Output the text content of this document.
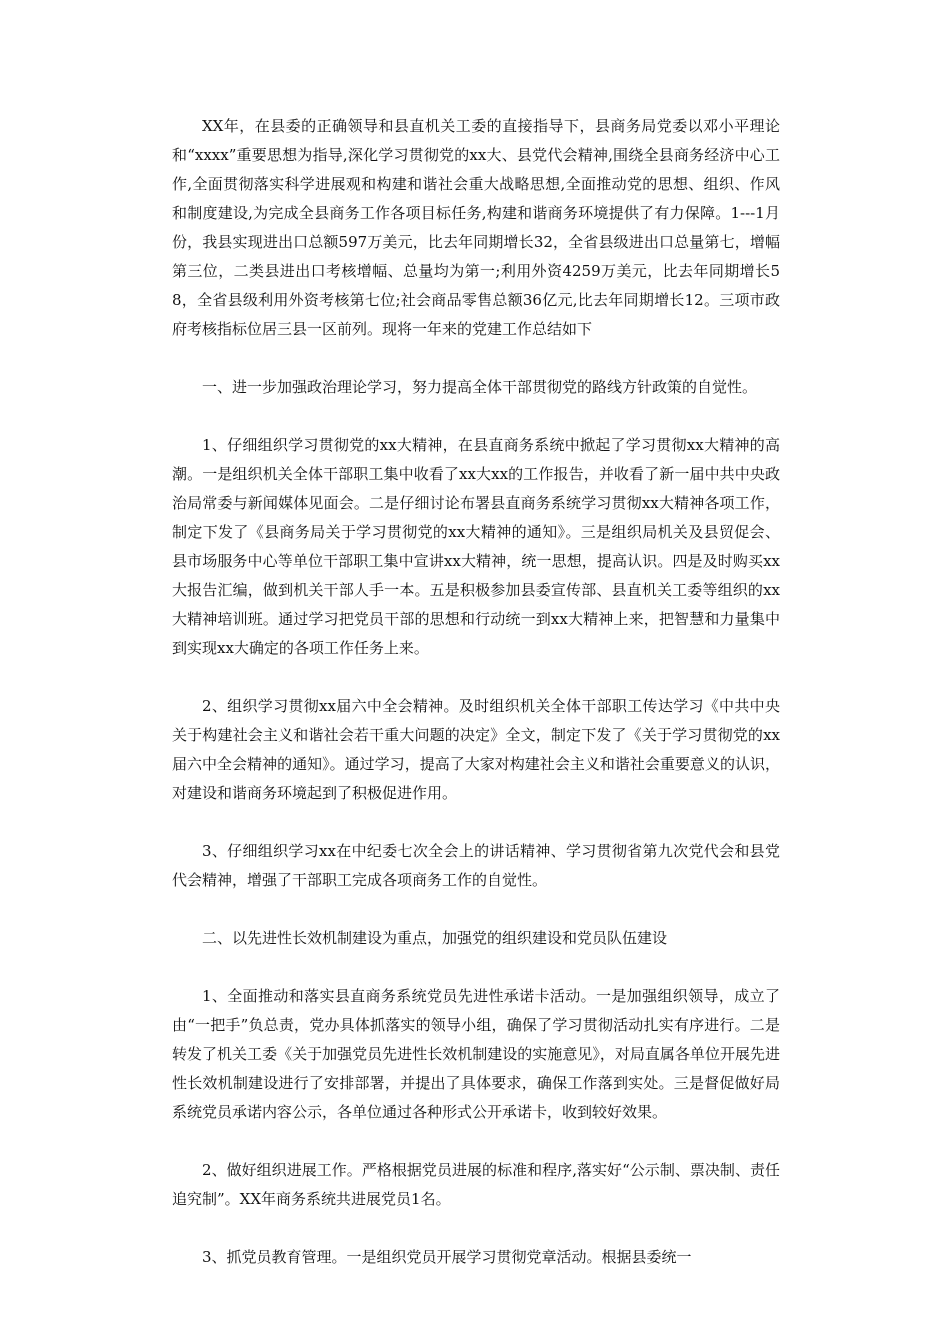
XX年，在县委的正确领导和县直机关工委的直接指导下，县商务局党委以邓小平理论和“xxxx”重要思想为指导,深化学习贯彻党的xx大、县党代会精神,围绕全县商务经济中心工作,全面贯彻落实科学进展观和构建和谐社会重大战略思想,全面推动党的思想、组织、作风和制度建设,为完成全县商务工作各项目标任务,构建和谐商务环境提供了有力保障。1---1月份，我县实现进出口总额597万美元，比去年同期增长32，全省县级进出口总量第七，增幅第三位，二类县进出口考核增幅、总量均为第一;利用外资4259万美元，比去年同期增长58，全省县级利用外资考核第七位;社会商品零售总额36亿元,比去年同期增长12。三项市政府考核指标位居三县一区前列。现将一年来的党建工作总结如下

一、进一步加强政治理论学习，努力提高全体干部贯彻党的路线方针政策的自觉性。

1、仔细组织学习贯彻党的xx大精神，在县直商务系统中掀起了学习贯彻xx大精神的高潮。一是组织机关全体干部职工集中收看了xx大xx的工作报告，并收看了新一届中共中央政治局常委与新闻媒体见面会。二是仔细讨论布署县直商务系统学习贯彻xx大精神各项工作，制定下发了《县商务局关于学习贯彻党的xx大精神的通知》。三是组织局机关及县贸促会、县市场服务中心等单位干部职工集中宣讲xx大精神，统一思想，提高认识。四是及时购买xx大报告汇编，做到机关干部人手一本。五是积极参加县委宣传部、县直机关工委等组织的xx大精神培训班。通过学习把党员干部的思想和行动统一到xx大精神上来，把智慧和力量集中到实现xx大确定的各项工作任务上来。

2、组织学习贯彻xx届六中全会精神。及时组织机关全体干部职工传达学习《中共中央关于构建社会主义和谐社会若干重大问题的决定》全文，制定下发了《关于学习贯彻党的xx届六中全会精神的通知》。通过学习，提高了大家对构建社会主义和谐社会重要意义的认识，对建设和谐商务环境起到了积极促进作用。

3、仔细组织学习xx在中纪委七次全会上的讲话精神、学习贯彻省第九次党代会和县党代会精神，增强了干部职工完成各项商务工作的自觉性。

二、以先进性长效机制建设为重点，加强党的组织建设和党员队伍建设

1、全面推动和落实县直商务系统党员先进性承诺卡活动。一是加强组织领导，成立了由“一把手”负总责，党办具体抓落实的领导小组，确保了学习贯彻活动扎实有序进行。二是转发了机关工委《关于加强党员先进性长效机制建设的实施意见》，对局直属各单位开展先进性长效机制建设进行了安排部署，并提出了具体要求，确保工作落到实处。三是督促做好局系统党员承诺内容公示，各单位通过各种形式公开承诺卡，收到较好效果。

2、做好组织进展工作。严格根据党员进展的标准和程序,落实好“公示制、票决制、责任追究制”。XX年商务系统共进展党员1名。

3、抓党员教育管理。一是组织党员开展学习贯彻党章活动。根据县委统一
